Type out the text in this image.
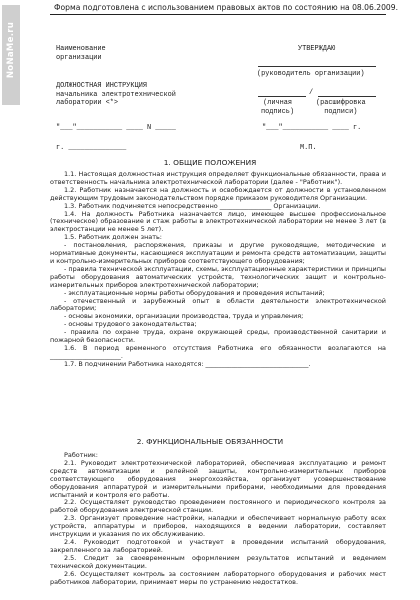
NoNaMe.ru
Форма подготовлена с использованием правовых актов по состоянию на 08.06.2009.
Наименование
организации
УТВЕРЖДАЮ
(руководитель организации)
/
(личная
подпись)
(расшифровка
подписи)
ДОЛЖНОСТНАЯ ИНСТРУКЦИЯ
начальника электротехнической
лаборатории <*>
"___"___________ ____ N _____	"___"___________ ____ г.
г. ______________	М.П.
1. ОБЩИЕ ПОЛОЖЕНИЯ

1.1. Настоящая должностная инструкция определяет функциональные обязанности, права и ответственность начальника электротехнической лаборатории (далее - "Работник").

1.2. Работник назначается на должность и освобождается от должности в установленном действующим трудовым законодательством порядке приказом руководителя Организации.

1.3. Работник подчиняется непосредственно ________________ Организации.

1.4. На должность Работника назначается лицо, имеющее высшее профессиональное (техническое) образование и стаж работы в электротехнической лаборатории не менее 3 лет (в электростанции не менее 5 лет).

1.5. Работник должен знать:

- постановления, распоряжения, приказы и другие руководящие, методические и нормативные документы, касающиеся эксплуатации и ремонта средств автоматизации, защиты и контрольно-измерительных приборов соответствующего оборудования;

- правила технической эксплуатации, схемы, эксплуатационные характеристики и принципы работы оборудования автоматических устройств, технологических защит и контрольно-измерительных приборов электротехнической лаборатории;

- эксплуатационные нормы работы оборудования и проведения испытаний;

- отечественный и зарубежный опыт в области деятельности электротехнической лаборатории;

- основы экономики, организации производства, труда и управления;

- основы трудового законодательства;

- правила по охране труда, охране окружающей среды, производственной санитарии и пожарной безопасности.

1.6. В период временного отсутствия Работника его обязанности возлагаются на ______________________.

1.7. В подчинении Работника находятся: ________________________________.

2. ФУНКЦИОНАЛЬНЫЕ ОБЯЗАННОСТИ

Работник:

2.1. Руководит электротехнической лабораторией, обеспечивая эксплуатацию и ремонт средств автоматизации и релейной защиты, контрольно-измерительных приборов соответствующего оборудования энергохозяйства, организует усовершенствование оборудования аппаратурой и измерительными приборами, необходимыми для проведения испытаний и контроля его работы.

2.2. Осуществляет руководство проведением постоянного и периодического контроля за работой оборудования электрической станции.

2.3. Организует проведение настройки, наладки и обеспечивает нормальную работу всех устройств, аппаратуры и приборов, находящихся в ведении лаборатории, составляет инструкции и указания по их обслуживанию.

2.4. Руководит подготовкой и участвует в проведении испытаний оборудования, закрепленного за лабораторией.

2.5. Следит за своевременным оформлением результатов испытаний и ведением технической документации.

2.6. Осуществляет контроль за состоянием лабораторного оборудования и рабочих мест работников лаборатории, принимает меры по устранению недостатков.
